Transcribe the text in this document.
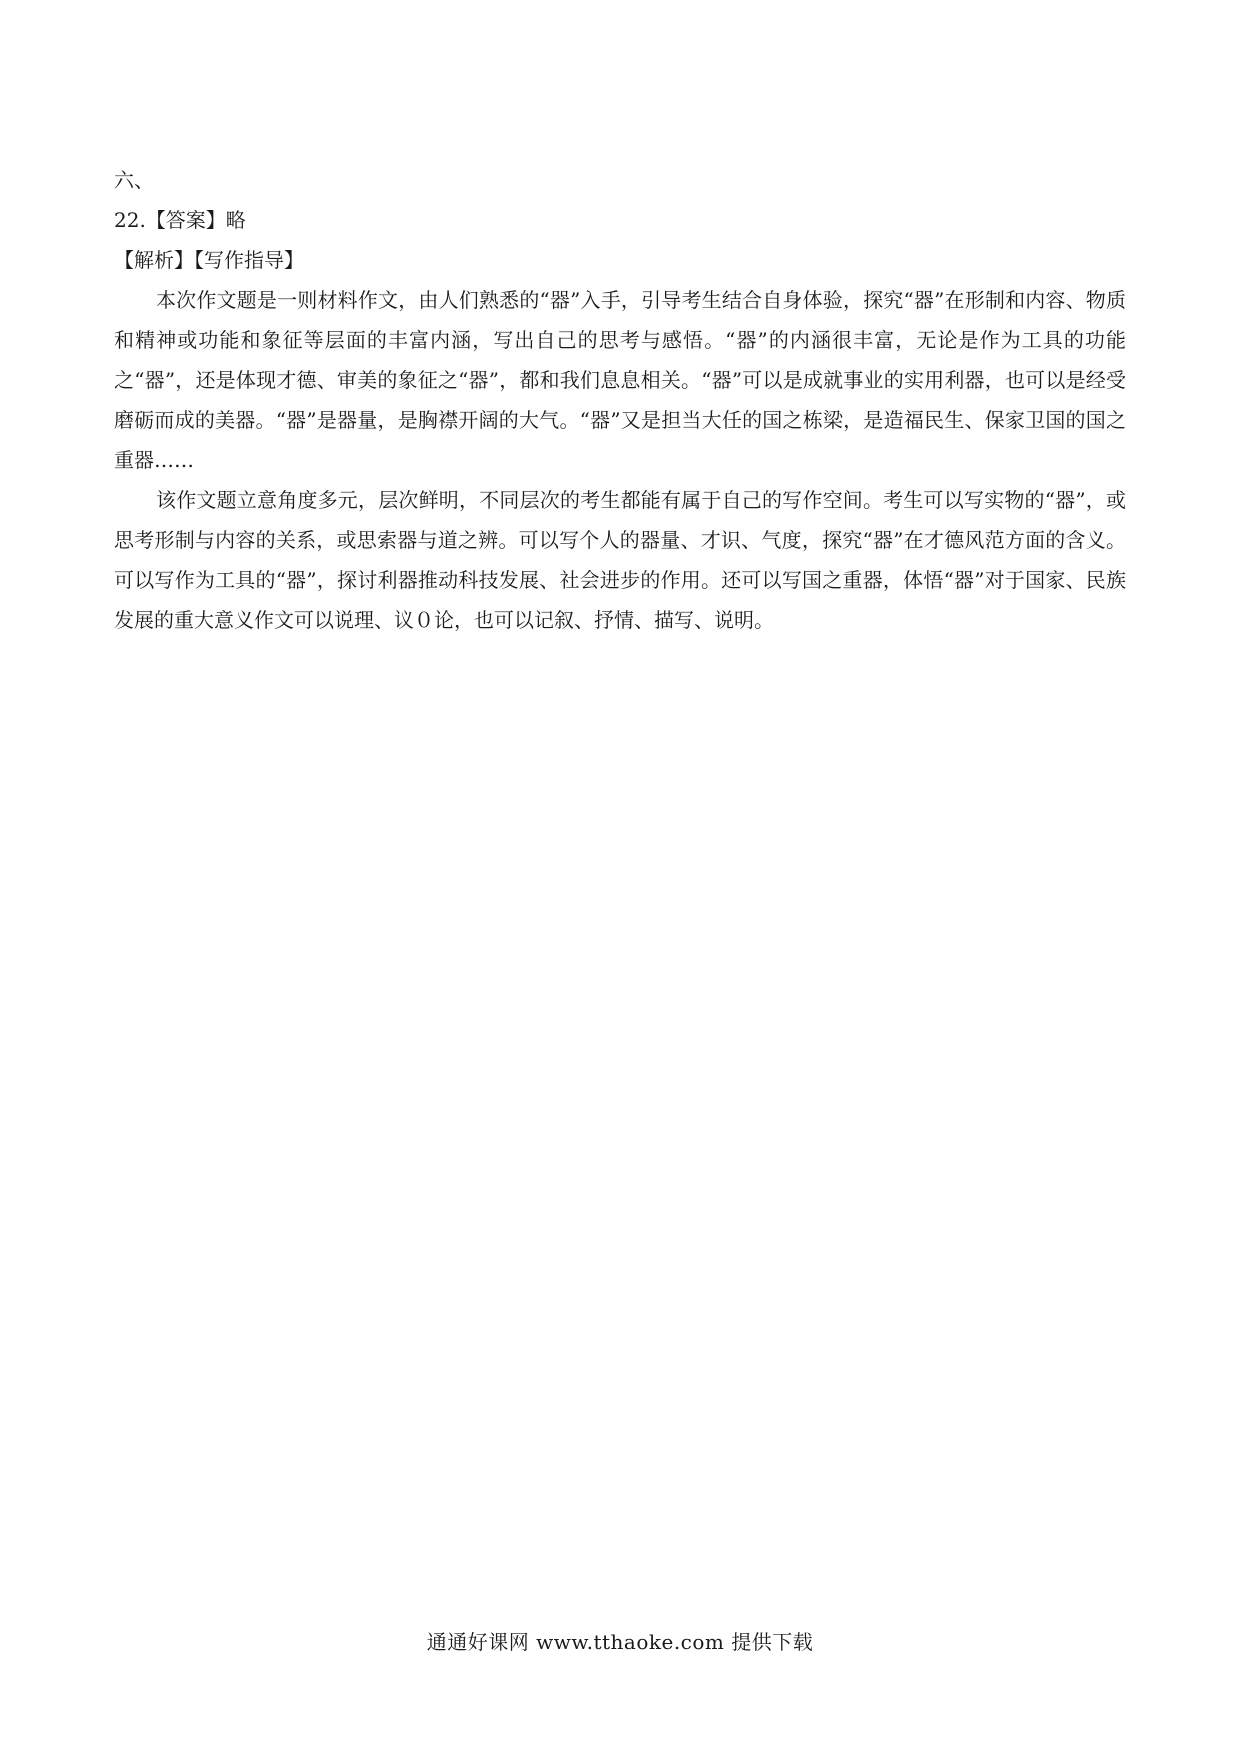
六、
22.【答案】略
【解析】【写作指导】

本次作文题是一则材料作文，由人们熟悉的“器”入手，引导考生结合自身体验，探究“器”在形制和内容、物质和精神或功能和象征等层面的丰富内涵，写出自己的思考与感悟。“器”的内涵很丰富，无论是作为工具的功能之“器”，还是体现才德、审美的象征之“器”，都和我们息息相关。“器”可以是成就事业的实用利器，也可以是经受磨砺而成的美器。“器”是器量，是胸襟开阔的大气。“器”又是担当大任的国之栋梁，是造福民生、保家卫国的国之重器……

该作文题立意角度多元，层次鲜明，不同层次的考生都能有属于自己的写作空间。考生可以写实物的“器”，或思考形制与内容的关系，或思索器与道之辨。可以写个人的器量、才识、气度，探究“器”在才德风范方面的含义。可以写作为工具的“器”，探讨利器推动科技发展、社会进步的作用。还可以写国之重器，体悟“器”对于国家、民族发展的重大意义作文可以说理、议０论，也可以记叙、抒情、描写、说明。

通通好课网 www.tthaoke.com 提供下载
